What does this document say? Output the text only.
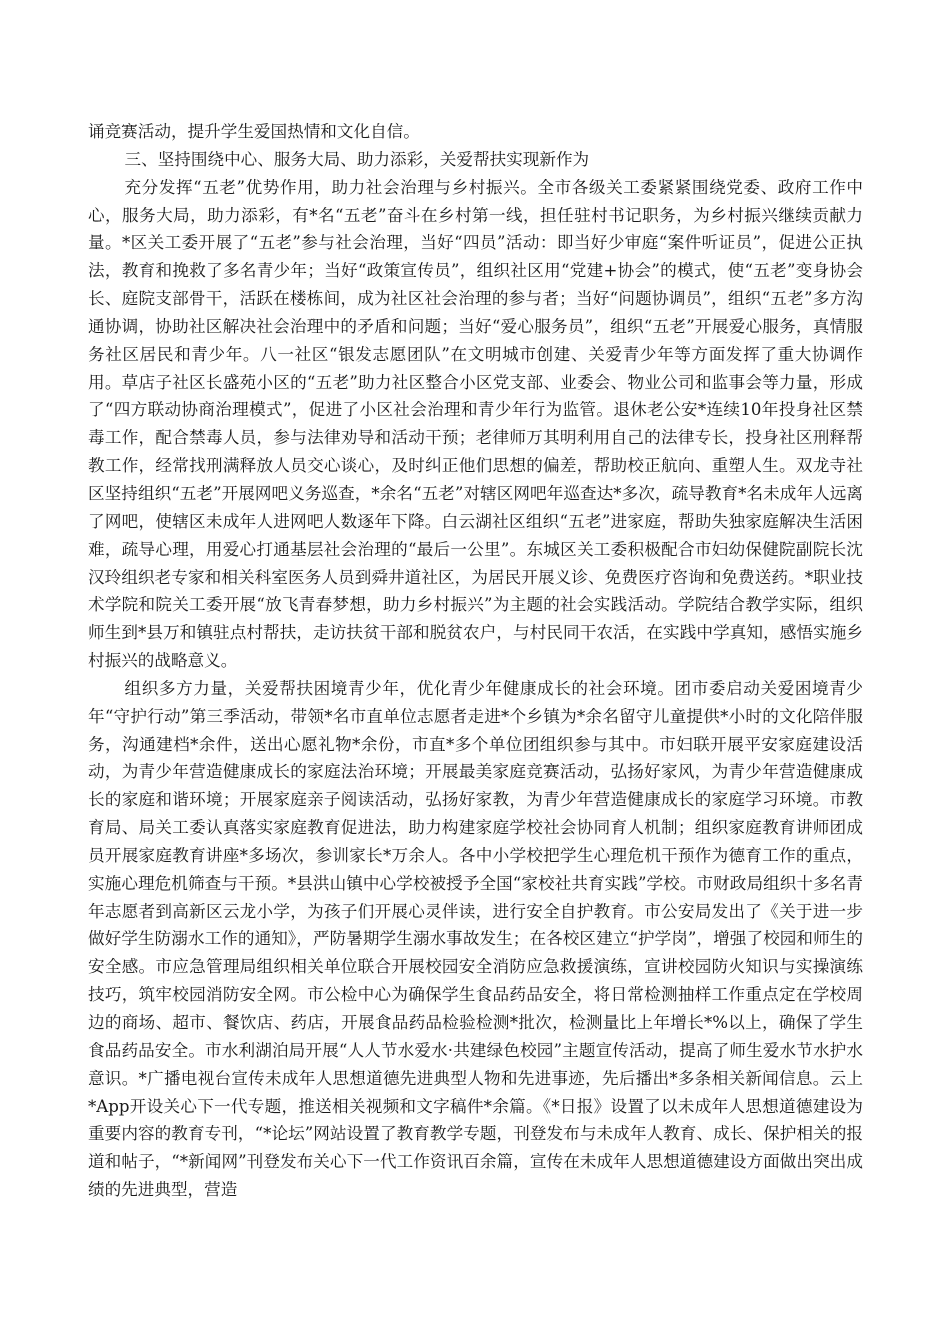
诵竞赛活动，提升学生爱国热情和文化自信。

三、坚持围绕中心、服务大局、助力添彩，关爱帮扶实现新作为

充分发挥“五老”优势作用，助力社会治理与乡村振兴。全市各级关工委紧紧围绕党委、政府工作中心，服务大局，助力添彩，有*名“五老”奋斗在乡村第一线，担任驻村书记职务，为乡村振兴继续贡献力量。*区关工委开展了“五老”参与社会治理，当好“四员”活动：即当好少审庭“案件听证员”，促进公正执法，教育和挽救了多名青少年；当好“政策宣传员”，组织社区用“党建+协会”的模式，使“五老”变身协会长、庭院支部骨干，活跃在楼栋间，成为社区社会治理的参与者；当好“问题协调员”，组织“五老”多方沟通协调，协助社区解决社会治理中的矛盾和问题；当好“爱心服务员”，组织“五老”开展爱心服务，真情服务社区居民和青少年。八一社区“银发志愿团队”在文明城市创建、关爱青少年等方面发挥了重大协调作用。草店子社区长盛苑小区的“五老”助力社区整合小区党支部、业委会、物业公司和监事会等力量，形成了“四方联动协商治理模式”，促进了小区社会治理和青少年行为监管。退休老公安*连续10年投身社区禁毒工作，配合禁毒人员，参与法律劝导和活动干预；老律师万其明利用自己的法律专长，投身社区刑释帮教工作，经常找刑满释放人员交心谈心，及时纠正他们思想的偏差，帮助校正航向、重塑人生。双龙寺社区坚持组织“五老”开展网吧义务巡查，*余名“五老”对辖区网吧年巡查达*多次，疏导教育*名未成年人远离了网吧，使辖区未成年人进网吧人数逐年下降。白云湖社区组织“五老”进家庭，帮助失独家庭解决生活困难，疏导心理，用爱心打通基层社会治理的“最后一公里”。东城区关工委积极配合市妇幼保健院副院长沈汉玲组织老专家和相关科室医务人员到舜井道社区，为居民开展义诊、免费医疗咨询和免费送药。*职业技术学院和院关工委开展“放飞青春梦想，助力乡村振兴”为主题的社会实践活动。学院结合教学实际，组织师生到*县万和镇驻点村帮扶，走访扶贫干部和脱贫农户，与村民同干农活，在实践中学真知，感悟实施乡村振兴的战略意义。

组织多方力量，关爱帮扶困境青少年，优化青少年健康成长的社会环境。团市委启动关爱困境青少年“守护行动”第三季活动，带领*名市直单位志愿者走进*个乡镇为*余名留守儿童提供*小时的文化陪伴服务，沟通建档*余件，送出心愿礼物*余份，市直*多个单位团组织参与其中。市妇联开展平安家庭建设活动，为青少年营造健康成长的家庭法治环境；开展最美家庭竞赛活动，弘扬好家风，为青少年营造健康成长的家庭和谐环境；开展家庭亲子阅读活动，弘扬好家教，为青少年营造健康成长的家庭学习环境。市教育局、局关工委认真落实家庭教育促进法，助力构建家庭学校社会协同育人机制；组织家庭教育讲师团成员开展家庭教育讲座*多场次，参训家长*万余人。各中小学校把学生心理危机干预作为德育工作的重点，实施心理危机筛查与干预。*县洪山镇中心学校被授予全国“家校社共育实践”学校。市财政局组织十多名青年志愿者到高新区云龙小学，为孩子们开展心灵伴读，进行安全自护教育。市公安局发出了《关于进一步做好学生防溺水工作的通知》，严防暑期学生溺水事故发生；在各校区建立“护学岗”，增强了校园和师生的安全感。市应急管理局组织相关单位联合开展校园安全消防应急救援演练，宣讲校园防火知识与实操演练技巧，筑牢校园消防安全网。市公检中心为确保学生食品药品安全，将日常检测抽样工作重点定在学校周边的商场、超市、餐饮店、药店，开展食品药品检验检测*批次，检测量比上年增长*%以上，确保了学生食品药品安全。市水利湖泊局开展“人人节水爱水·共建绿色校园”主题宣传活动，提高了师生爱水节水护水意识。*广播电视台宣传未成年人思想道德先进典型人物和先进事迹，先后播出*多条相关新闻信息。云上*App开设关心下一代专题，推送相关视频和文字稿件*余篇。《*日报》设置了以未成年人思想道德建设为重要内容的教育专刊，“*论坛”网站设置了教育教学专题，刊登发布与未成年人教育、成长、保护相关的报道和帖子，“*新闻网”刊登发布关心下一代工作资讯百余篇，宣传在未成年人思想道德建设方面做出突出成绩的先进典型，营造
